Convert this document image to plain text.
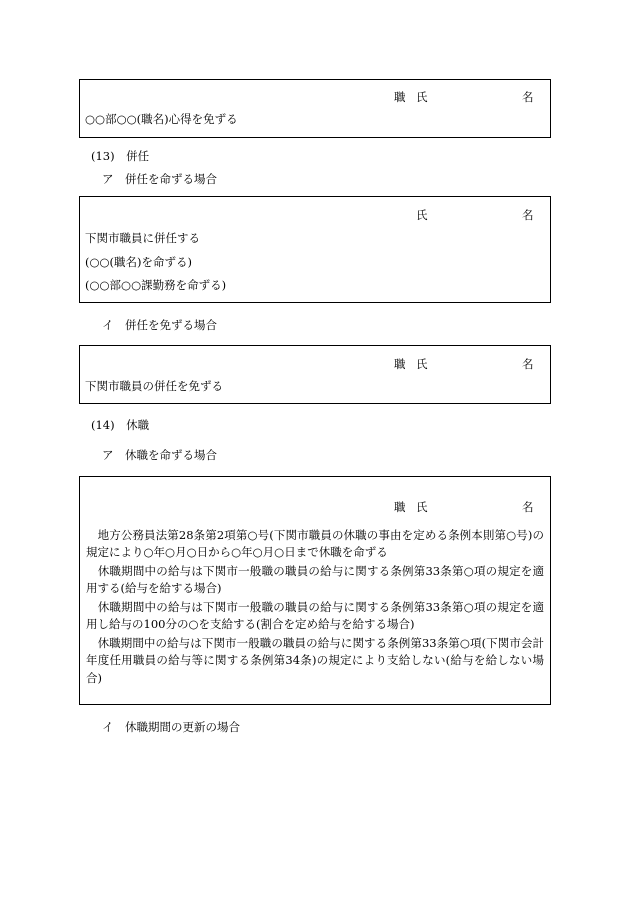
職 氏	名
○○部○○(職名)心得を免ずる
(13)　併任
ア　併任を命ずる場合
氏	名
下関市職員に併任する
(○○(職名)を命ずる)
(○○部○○課勤務を命ずる)
イ　併任を免ずる場合
職 氏	名
下関市職員の併任を免ずる
(14)　休職
ア　休職を命ずる場合
職 氏	名
　地方公務員法第28条第2項第○号(下関市職員の休職の事由を定める条例本則第○号)の規定により○年○月○日から○年○月○日まで休職を命ずる
　休職期間中の給与は下関市一般職の職員の給与に関する条例第33条第○項の規定を適用する(給与を給する場合)
　休職期間中の給与は下関市一般職の職員の給与に関する条例第33条第○項の規定を適用し給与の100分の○を支給する(割合を定め給与を給する場合)
　休職期間中の給与は下関市一般職の職員の給与に関する条例第33条第○項(下関市会計年度任用職員の給与等に関する条例第34条)の規定により支給しない(給与を給しない場合)
イ　休職期間の更新の場合
